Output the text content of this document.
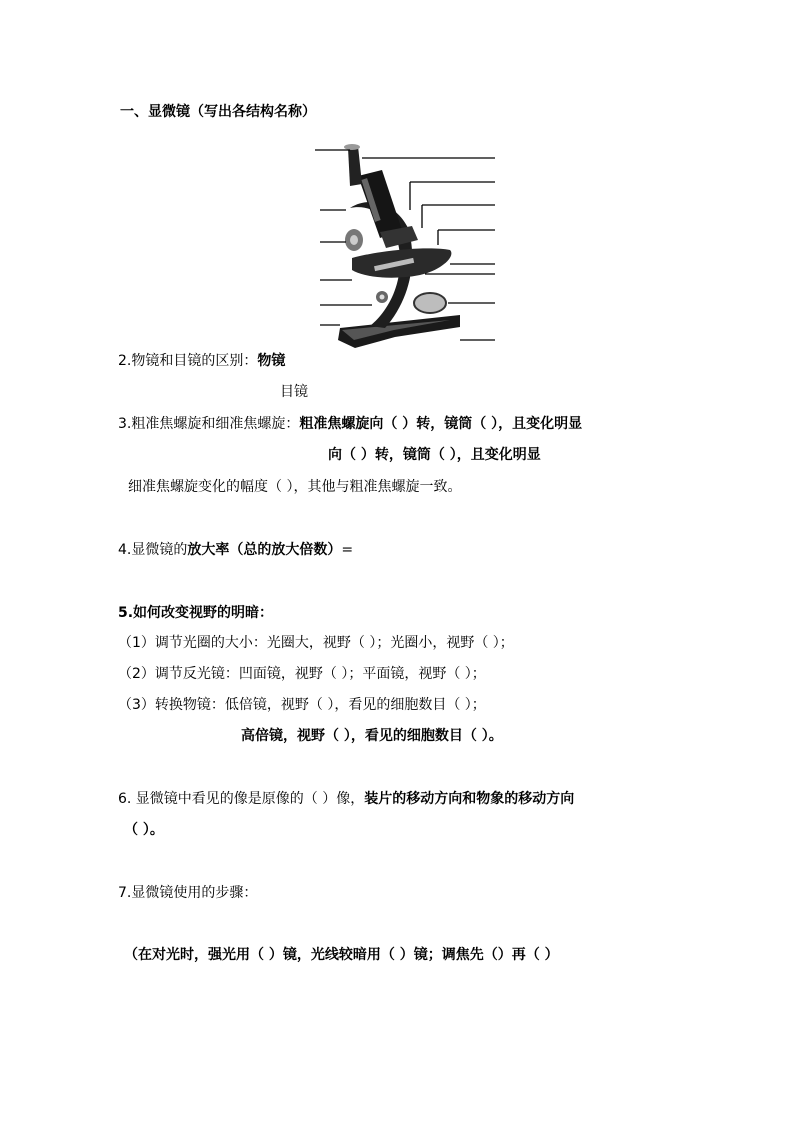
一、显微镜（写出各结构名称）
2.物镜和目镜的区别：物镜
目镜
3.粗准焦螺旋和细准焦螺旋：粗准焦螺旋向（ ）转，镜筒（ ），且变化明显
向（ ）转，镜筒（ ），且变化明显
细准焦螺旋变化的幅度（ ），其他与粗准焦螺旋一致。
4.显微镜的放大率（总的放大倍数）=
5.如何改变视野的明暗：
（1）调节光圈的大小：光圈大，视野（ ）；光圈小，视野（ ）；
（2）调节反光镜：凹面镜，视野（ ）；平面镜，视野（ ）；
（3）转换物镜：低倍镜，视野（ ），看见的细胞数目（ ）；
高倍镜，视野（ ），看见的细胞数目（ ）。
6. 显微镜中看见的像是原像的（ ）像，装片的移动方向和物象的移动方向
（ ）。
7.显微镜使用的步骤：
（在对光时，强光用（ ）镜，光线较暗用（ ）镜；调焦先（）再（ ）
